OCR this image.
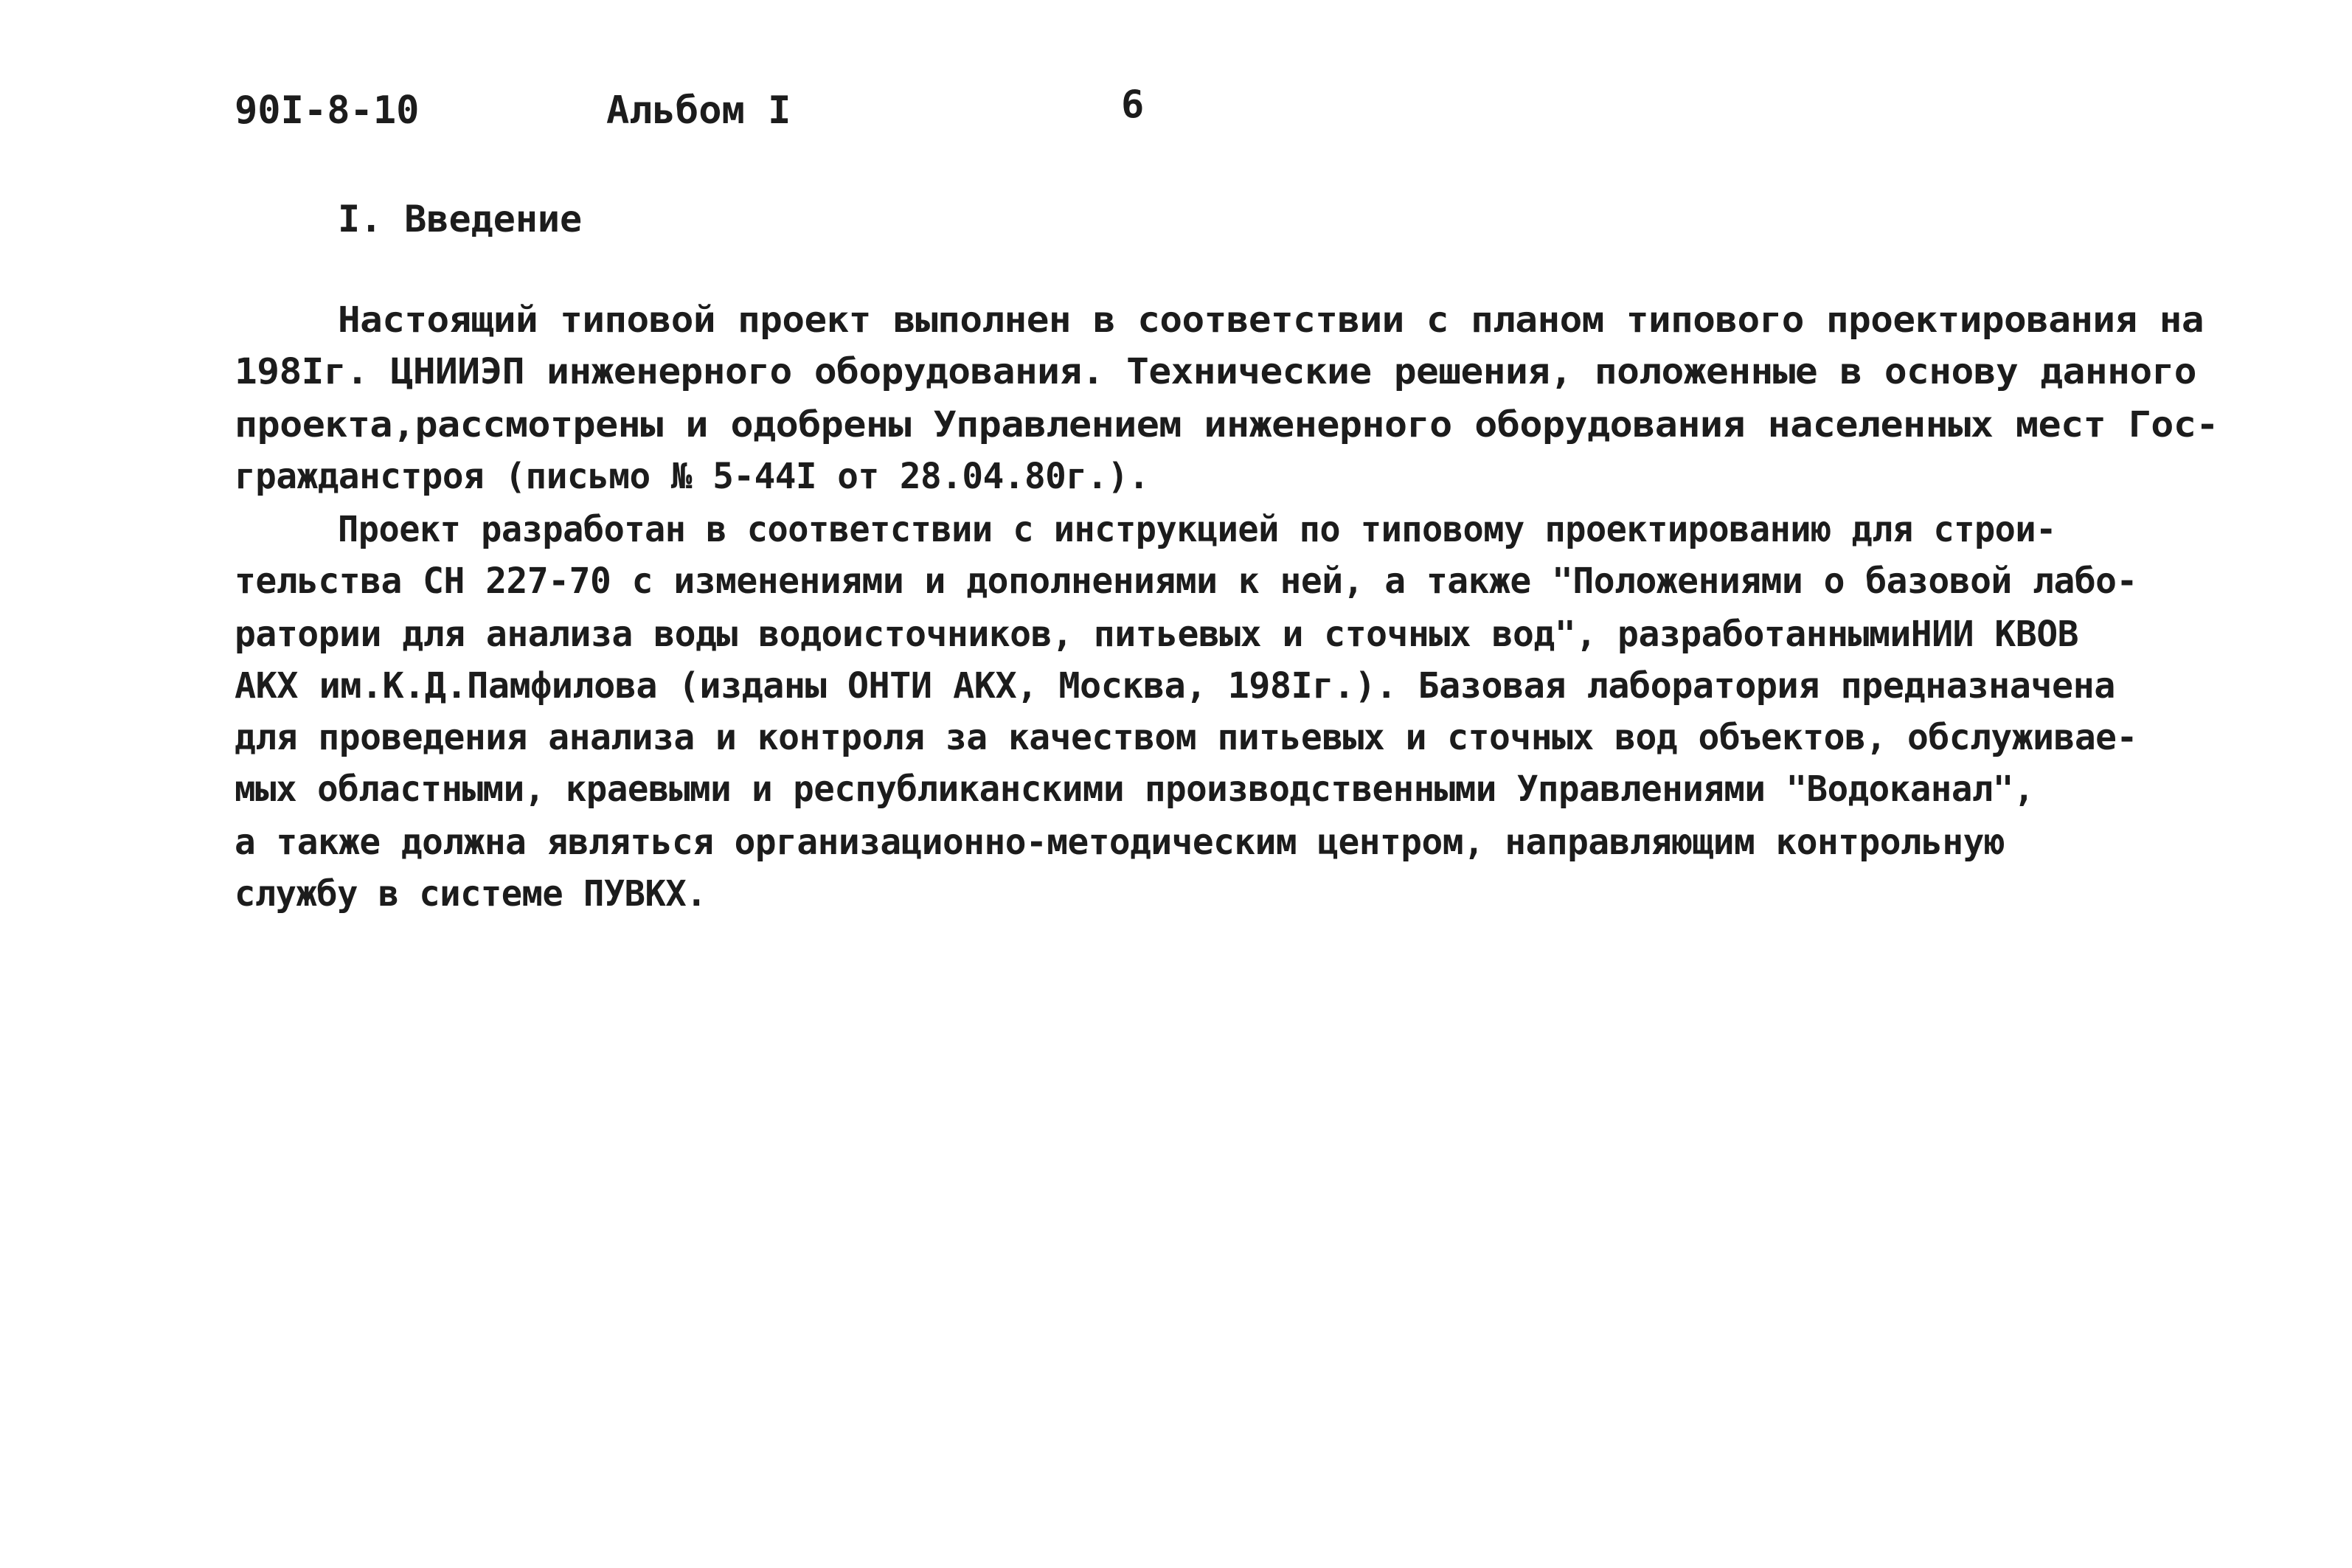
90I-8-10	Альбом I	6
I. Введение
Настоящий типовой проект выполнен в соответствии с планом типового проектирования на
198Iг. ЦНИИЭП инженерного оборудования. Технические решения, положенные в основу данного
проекта,рассмотрены и одобрены Управлением инженерного оборудования населенных мест Гос-
гражданстроя (письмо № 5-44I от 28.04.80г.).
Проект разработан в соответствии с инструкцией по типовому проектированию для строи-
тельства СН 227-70 с изменениями и дополнениями к ней, а также "Положениями о базовой лабо-
ратории для анализа воды водоисточников, питьевых и сточных вод", разработаннымиНИИ КВОВ
АКХ им.К.Д.Памфилова (изданы ОНТИ АКХ, Москва, 198Iг.). Базовая лаборатория предназначена
для проведения анализа и контроля за качеством питьевых и сточных вод объектов, обслуживае-
мых областными, краевыми и республиканскими производственными Управлениями "Водоканал",
а также должна являться организационно-методическим центром, направляющим контрольную
службу в системе ПУВКХ.
